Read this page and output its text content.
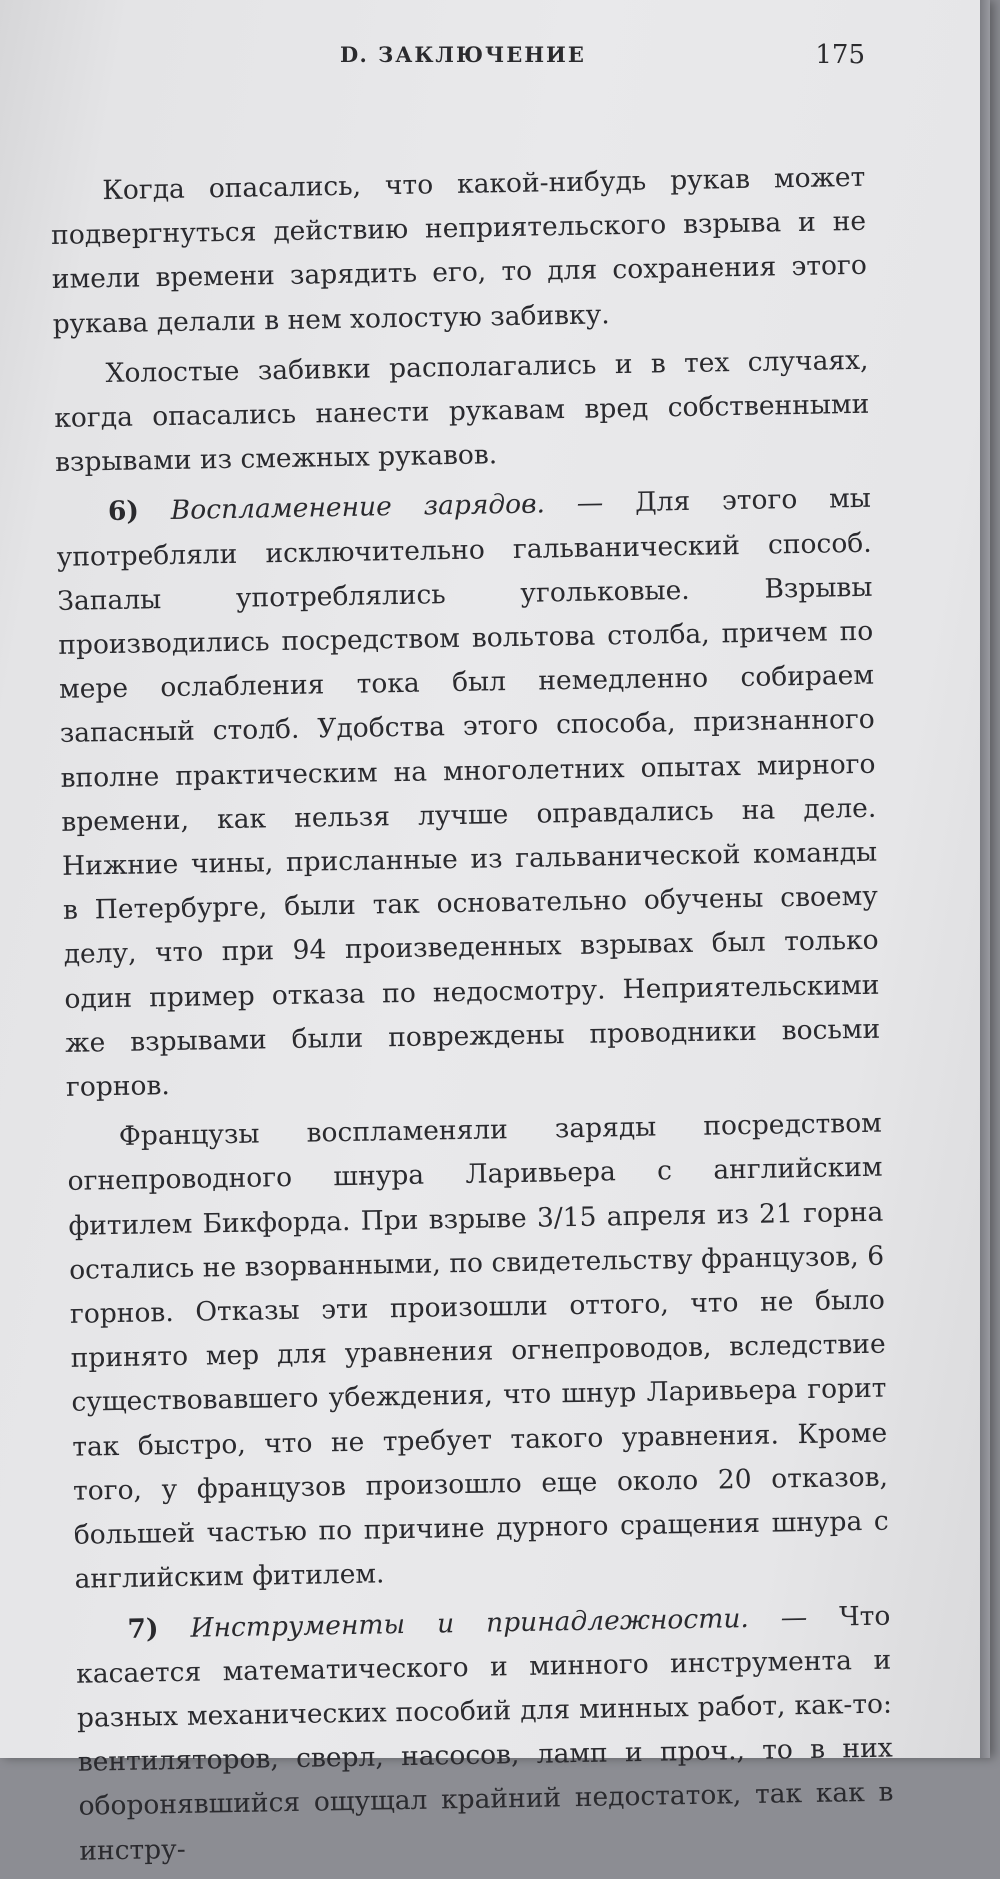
D. ЗАКЛЮЧЕНИЕ	175

Когда опасались, что какой-нибудь рукав может подвергнуться действию неприятельского взрыва и не имели времени зарядить его, то для сохранения этого рукава делали в нем холостую забивку.

Холостые забивки располагались и в тех случаях, когда опасались нанести рукавам вред собственными взрывами из смежных рукавов.

6) Воспламенение зарядов. — Для этого мы употребляли исключительно гальванический способ. Запалы употреблялись угольковые. Взрывы производились посредством вольтова столба, причем по мере ослабления тока был немедленно собираем запасный столб. Удобства этого способа, признанного вполне практическим на многолетних опытах мирного времени, как нельзя лучше оправдались на деле. Нижние чины, присланные из гальванической команды в Петербурге, были так основательно обучены своему делу, что при 94 произведенных взрывах был только один пример отказа по недосмотру. Неприятельскими же взрывами были повреждены проводники восьми горнов.

Французы воспламеняли заряды посредством огнепроводного шнура Ларивьера с английским фитилем Бикфорда. При взрыве 3/15 апреля из 21 горна остались не взорванными, по свидетельству французов, 6 горнов. Отказы эти произошли оттого, что не было принято мер для уравнения огнепроводов, вследствие существовавшего убеждения, что шнур Ларивьера горит так быстро, что не требует такого уравнения. Кроме того, у французов произошло еще около 20 отказов, большей частью по причине дурного сращения шнура с английским фитилем.

7) Инструменты и принадлежности. — Что касается математического и минного инструмента и разных механических пособий для минных работ, как-то: вентиляторов, сверл, насосов, ламп и проч., то в них оборонявшийся ощущал крайний недостаток, так как в инстру-
